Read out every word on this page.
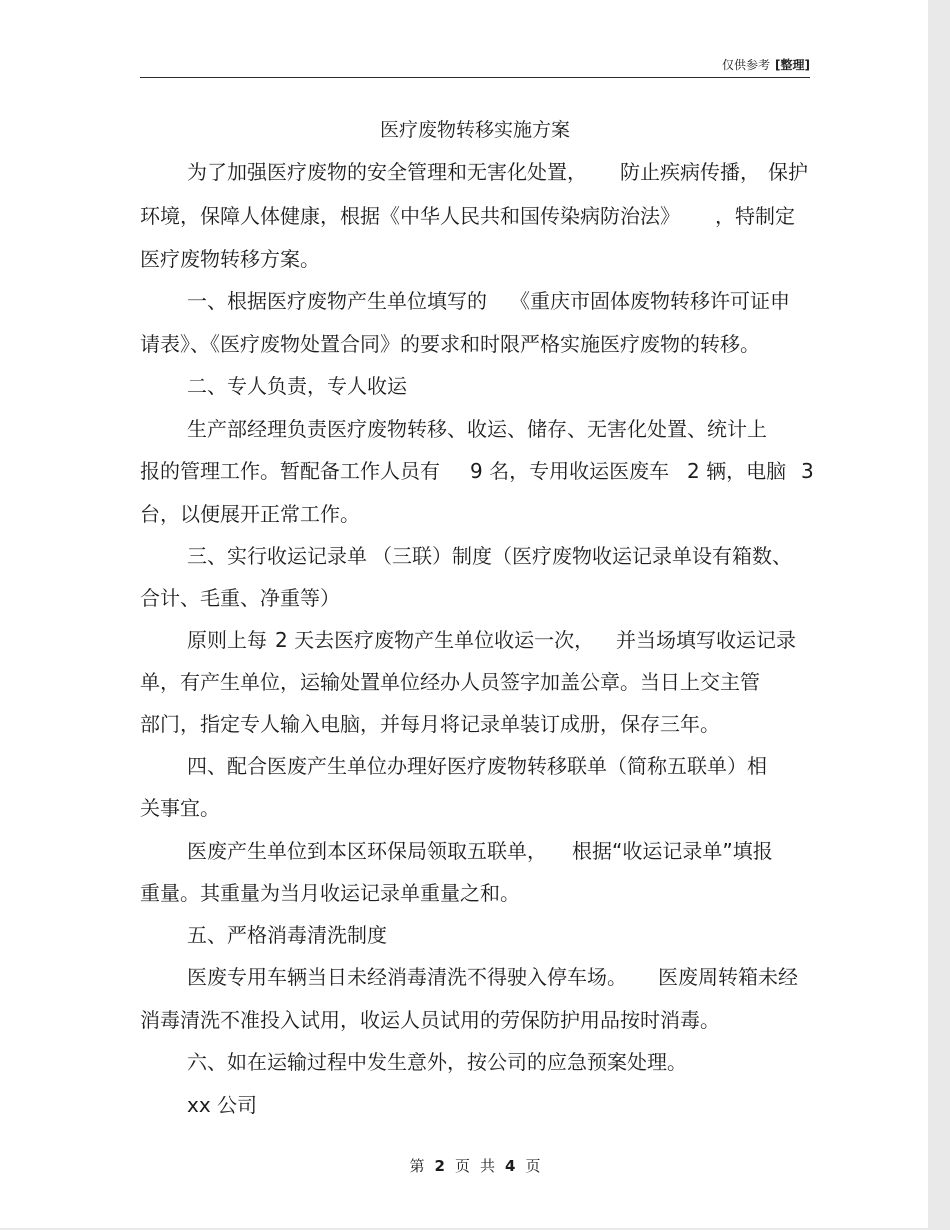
仅供参考 [整理]
医疗废物转移实施方案
为了加强医疗废物的安全管理和无害化处置， 防止疾病传播， 保护
环境，保障人体健康，根据《中华人民共和国传染病防治法》 ，特制定
医疗废物转移方案。
一、根据医疗废物产生单位填写的 《重庆市固体废物转移许可证申
请表》、《医疗废物处置合同》的要求和时限严格实施医疗废物的转移。
二、专人负责，专人收运
生产部经理负责医疗废物转移、收运、储存、无害化处置、统计上
报的管理工作。暂配备工作人员有 9 名，专用收运医废车 2 辆，电脑 3
台，以便展开正常工作。
三、实行收运记录单 （三联）制度（医疗废物收运记录单设有箱数、
合计、毛重、净重等）
原则上每 2 天去医疗废物产生单位收运一次， 并当场填写收运记录
单，有产生单位，运输处置单位经办人员签字加盖公章。当日上交主管
部门，指定专人输入电脑，并每月将记录单装订成册，保存三年。
四、配合医废产生单位办理好医疗废物转移联单（简称五联单）相
关事宜。
医废产生单位到本区环保局领取五联单， 根据“收运记录单”填报
重量。其重量为当月收运记录单重量之和。
五、严格消毒清洗制度
医废专用车辆当日未经消毒清洗不得驶入停车场。 医废周转箱未经
消毒清洗不准投入试用，收运人员试用的劳保防护用品按时消毒。
六、如在运输过程中发生意外，按公司的应急预案处理。
xx 公司
第 2 页 共 4 页
